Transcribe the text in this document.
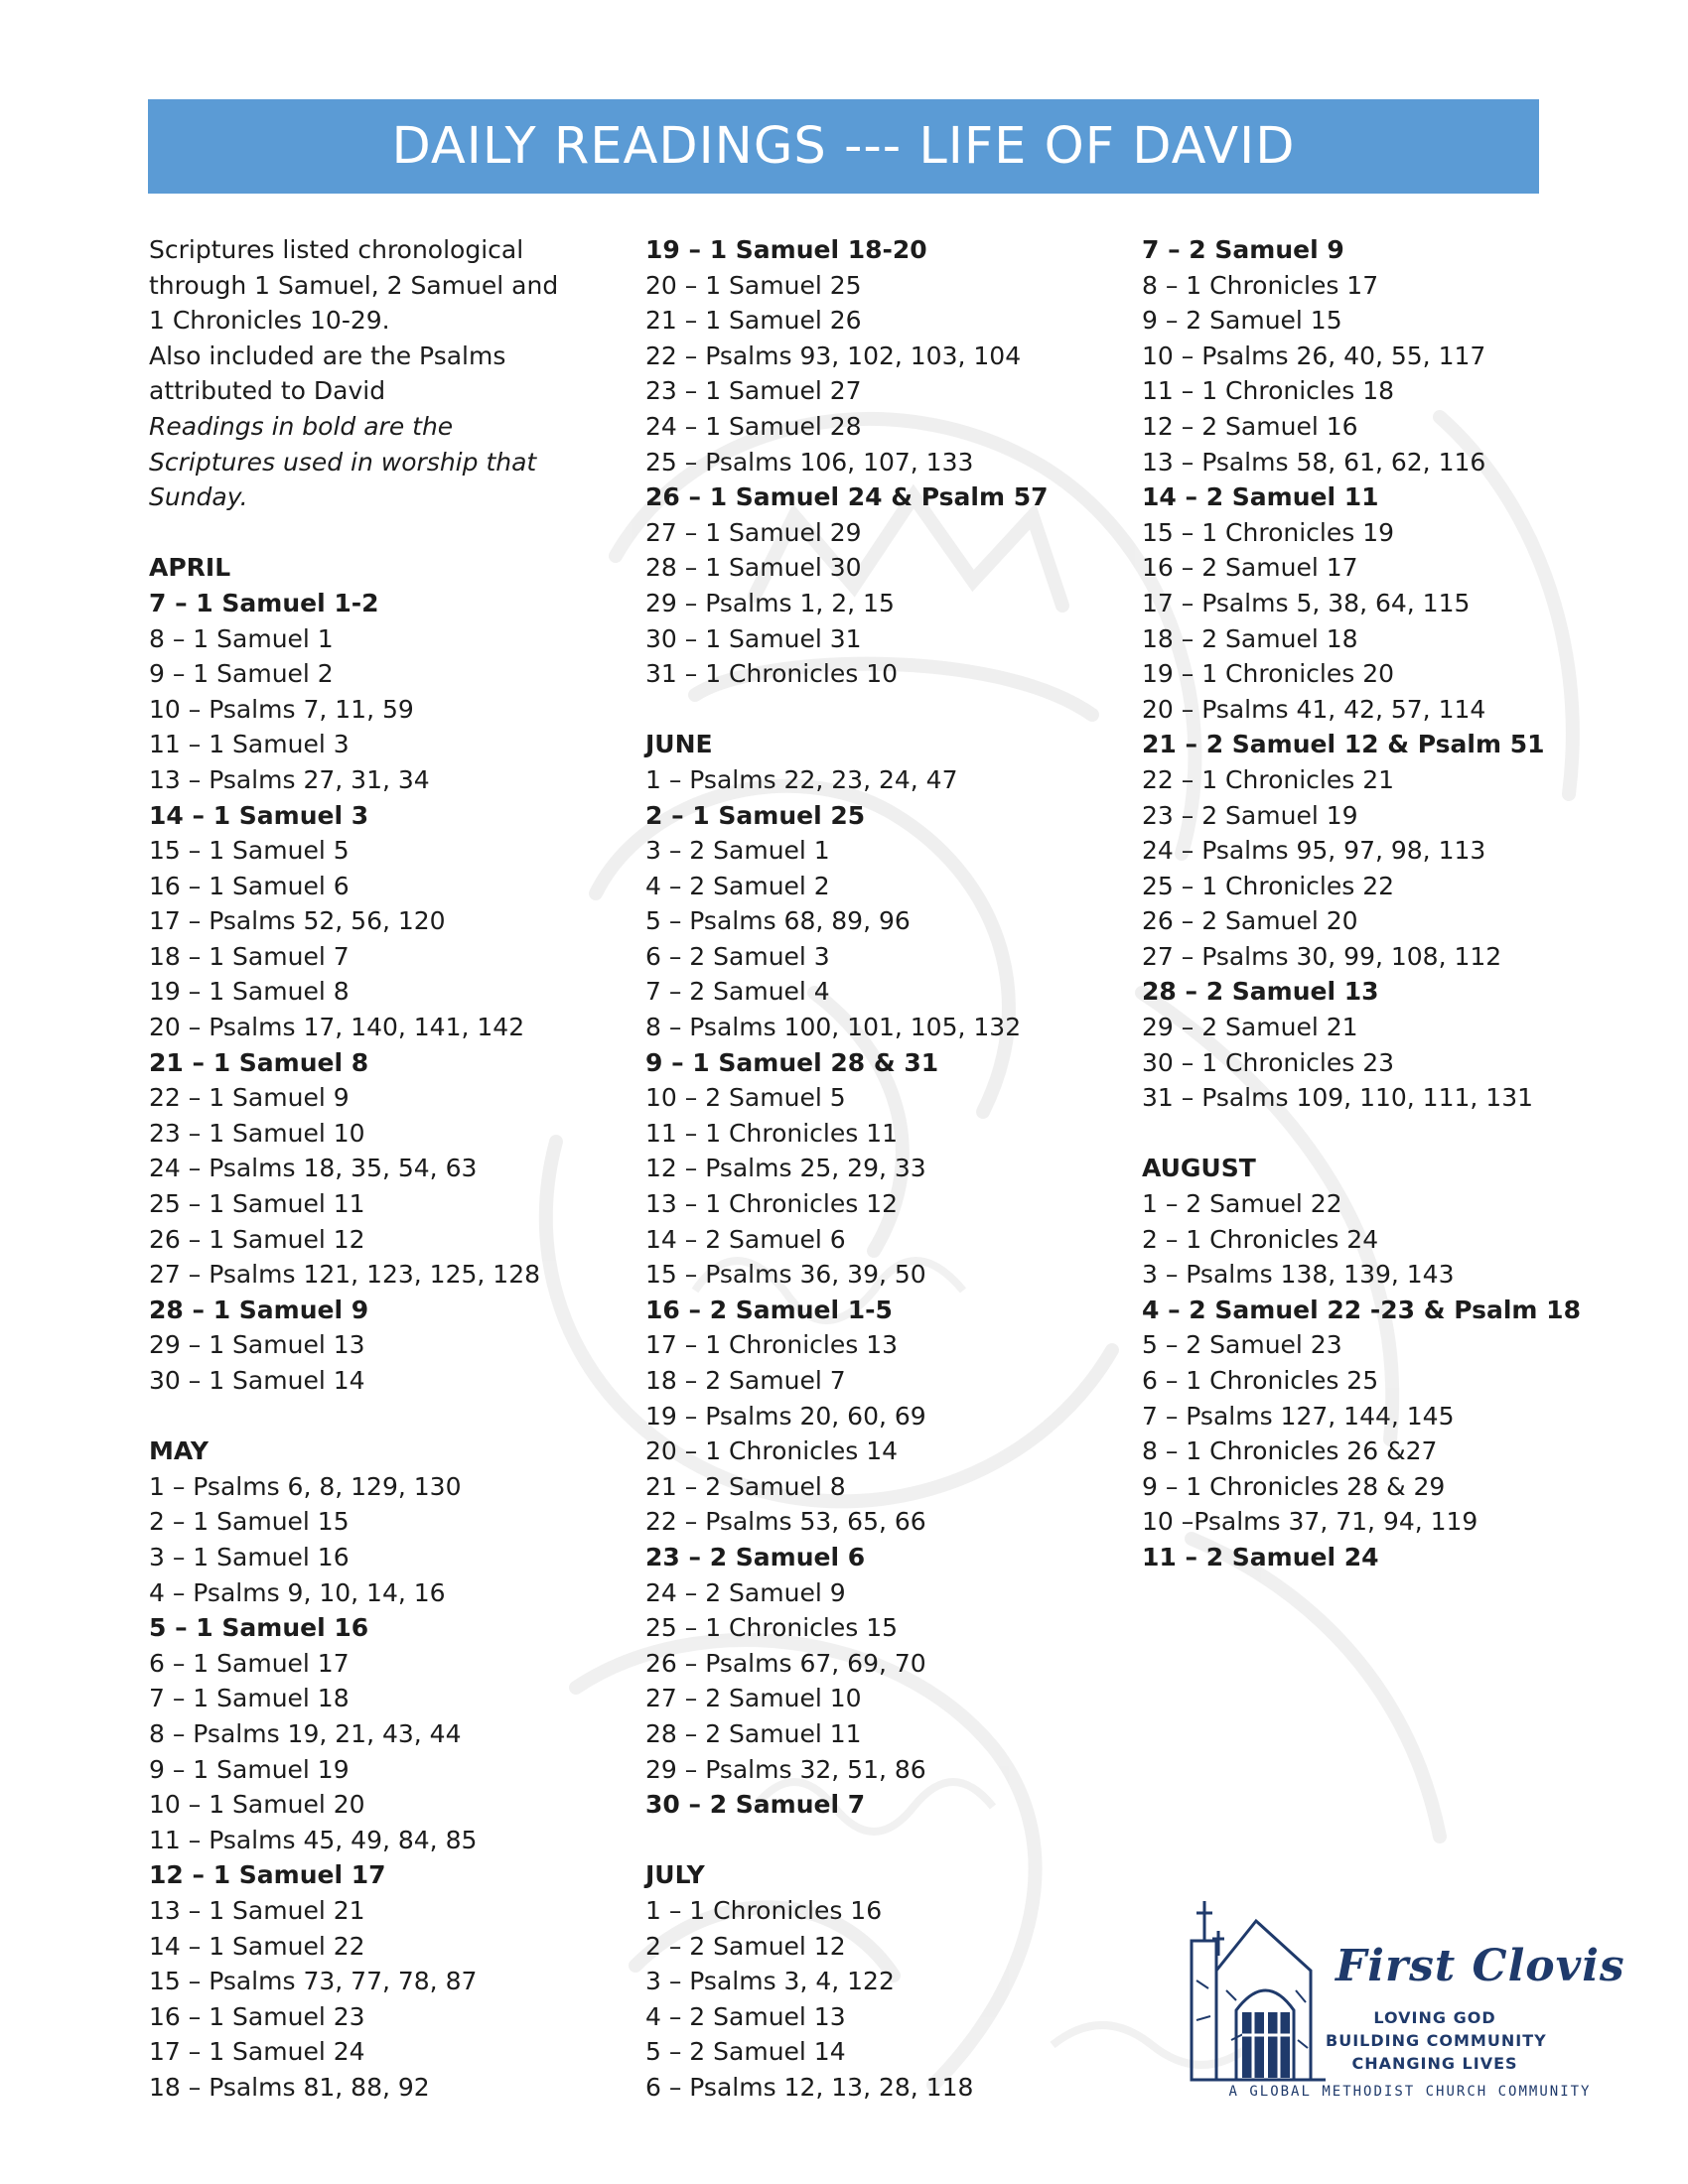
DAILY READINGS --- LIFE OF DAVID
Scriptures listed chronological
through 1 Samuel, 2 Samuel and
1 Chronicles 10-29.
Also included are the Psalms
attributed to David
Readings in bold are the
Scriptures used in worship that
Sunday.
APRIL
7 – 1 Samuel 1-2
8 – 1 Samuel 1
9 – 1 Samuel 2
10 – Psalms 7, 11, 59
11 – 1 Samuel 3
13 – Psalms 27, 31, 34
14 – 1 Samuel 3
15 – 1 Samuel 5
16 – 1 Samuel 6
17 – Psalms 52, 56, 120
18 – 1 Samuel 7
19 – 1 Samuel 8
20 – Psalms 17, 140, 141, 142
21 – 1 Samuel 8
22 – 1 Samuel 9
23 – 1 Samuel 10
24 – Psalms 18, 35, 54, 63
25 – 1 Samuel 11
26 – 1 Samuel 12
27 – Psalms 121, 123, 125, 128
28 – 1 Samuel 9
29 – 1 Samuel 13
30 – 1 Samuel 14
MAY
1 – Psalms 6, 8, 129, 130
2 – 1 Samuel 15
3 – 1 Samuel 16
4 – Psalms 9, 10, 14, 16
5 – 1 Samuel 16
6 – 1 Samuel 17
7 – 1 Samuel 18
8 – Psalms 19, 21, 43, 44
9 – 1 Samuel 19
10 – 1 Samuel 20
11 – Psalms 45, 49, 84, 85
12 – 1 Samuel 17
13 – 1 Samuel 21
14 – 1 Samuel 22
15 – Psalms 73, 77, 78, 87
16 – 1 Samuel 23
17 – 1 Samuel 24
18 – Psalms 81, 88, 92
19 – 1 Samuel 18-20
20 – 1 Samuel 25
21 – 1 Samuel 26
22 – Psalms 93, 102, 103, 104
23 – 1 Samuel 27
24 – 1 Samuel 28
25 – Psalms 106, 107, 133
26 – 1 Samuel 24 & Psalm 57
27 – 1 Samuel 29
28 – 1 Samuel 30
29 – Psalms 1, 2, 15
30 – 1 Samuel 31
31 – 1 Chronicles 10
JUNE
1 – Psalms 22, 23, 24, 47
2 – 1 Samuel 25
3 – 2 Samuel 1
4 – 2 Samuel 2
5 – Psalms 68, 89, 96
6 – 2 Samuel 3
7 – 2 Samuel 4
8 – Psalms 100, 101, 105, 132
9 – 1 Samuel 28 & 31
10 – 2 Samuel 5
11 – 1 Chronicles 11
12 – Psalms 25, 29, 33
13 – 1 Chronicles 12
14 – 2 Samuel 6
15 – Psalms 36, 39, 50
16 – 2 Samuel 1-5
17 – 1 Chronicles 13
18 – 2 Samuel 7
19 – Psalms 20, 60, 69
20 – 1 Chronicles 14
21 – 2 Samuel 8
22 – Psalms 53, 65, 66
23 – 2 Samuel 6
24 – 2 Samuel 9
25 – 1 Chronicles 15
26 – Psalms 67, 69, 70
27 – 2 Samuel 10
28 – 2 Samuel 11
29 – Psalms 32, 51, 86
30 – 2 Samuel 7
JULY
1 – 1 Chronicles 16
2 – 2 Samuel 12
3 – Psalms 3, 4, 122
4 – 2 Samuel 13
5 – 2 Samuel 14
6 – Psalms 12, 13, 28, 118
7 – 2 Samuel 9
8 – 1 Chronicles 17
9 – 2 Samuel 15
10 – Psalms 26, 40, 55, 117
11 – 1 Chronicles 18
12 – 2 Samuel 16
13 – Psalms 58, 61, 62, 116
14 – 2 Samuel 11
15 – 1 Chronicles 19
16 – 2 Samuel 17
17 – Psalms 5, 38, 64, 115
18 – 2 Samuel 18
19 – 1 Chronicles 20
20 – Psalms 41, 42, 57, 114
21 – 2 Samuel 12 & Psalm 51
22 – 1 Chronicles 21
23 – 2 Samuel 19
24 – Psalms 95, 97, 98, 113
25 – 1 Chronicles 22
26 – 2 Samuel 20
27 – Psalms 30, 99, 108, 112
28 – 2 Samuel 13
29 – 2 Samuel 21
30 – 1 Chronicles 23
31 – Psalms 109, 110, 111, 131
AUGUST
1 – 2 Samuel 22
2 – 1 Chronicles 24
3 – Psalms 138, 139, 143
4 – 2 Samuel 22 -23 & Psalm 18
5 – 2 Samuel 23
6 – 1 Chronicles 25
7 – Psalms 127, 144, 145
8 – 1 Chronicles 26 &27
9 – 1 Chronicles 28 & 29
10 –Psalms 37, 71, 94, 119
11 – 2 Samuel 24
First Clovis
LOVING GOD
BUILDING COMMUNITY
CHANGING LIVES
A GLOBAL METHODIST CHURCH COMMUNITY
